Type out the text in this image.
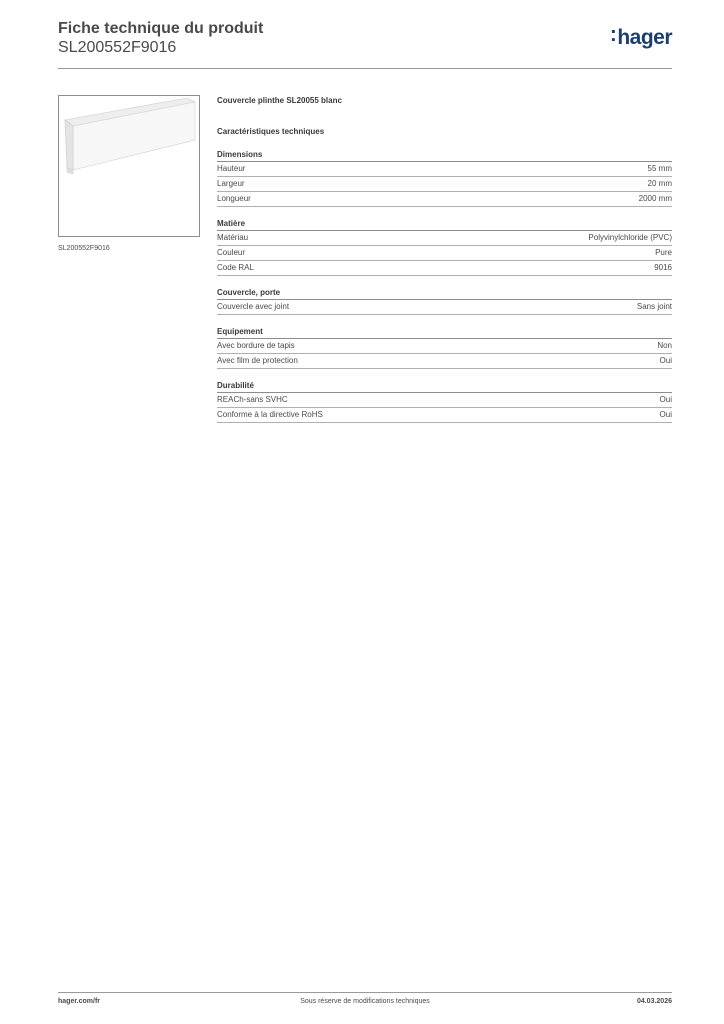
Fiche technique du produit
SL200552F9016
:hager
SL200552F9016
Couvercle plinthe SL20055 blanc
Caractéristiques techniques
Dimensions
Hauteur	55 mm
Largeur	20 mm
Longueur	2000 mm
Matière
Matériau	Polyvinylchloride (PVC)
Couleur	Pure
Code RAL	9016
Couvercle, porte
Couvercle avec joint	Sans joint
Equipement
Avec bordure de tapis	Non
Avec film de protection	Oui
Durabilité
REACh-sans SVHC	Oui
Conforme à la directive RoHS	Oui
hager.com/fr	Sous réserve de modifications techniques	04.03.2026
